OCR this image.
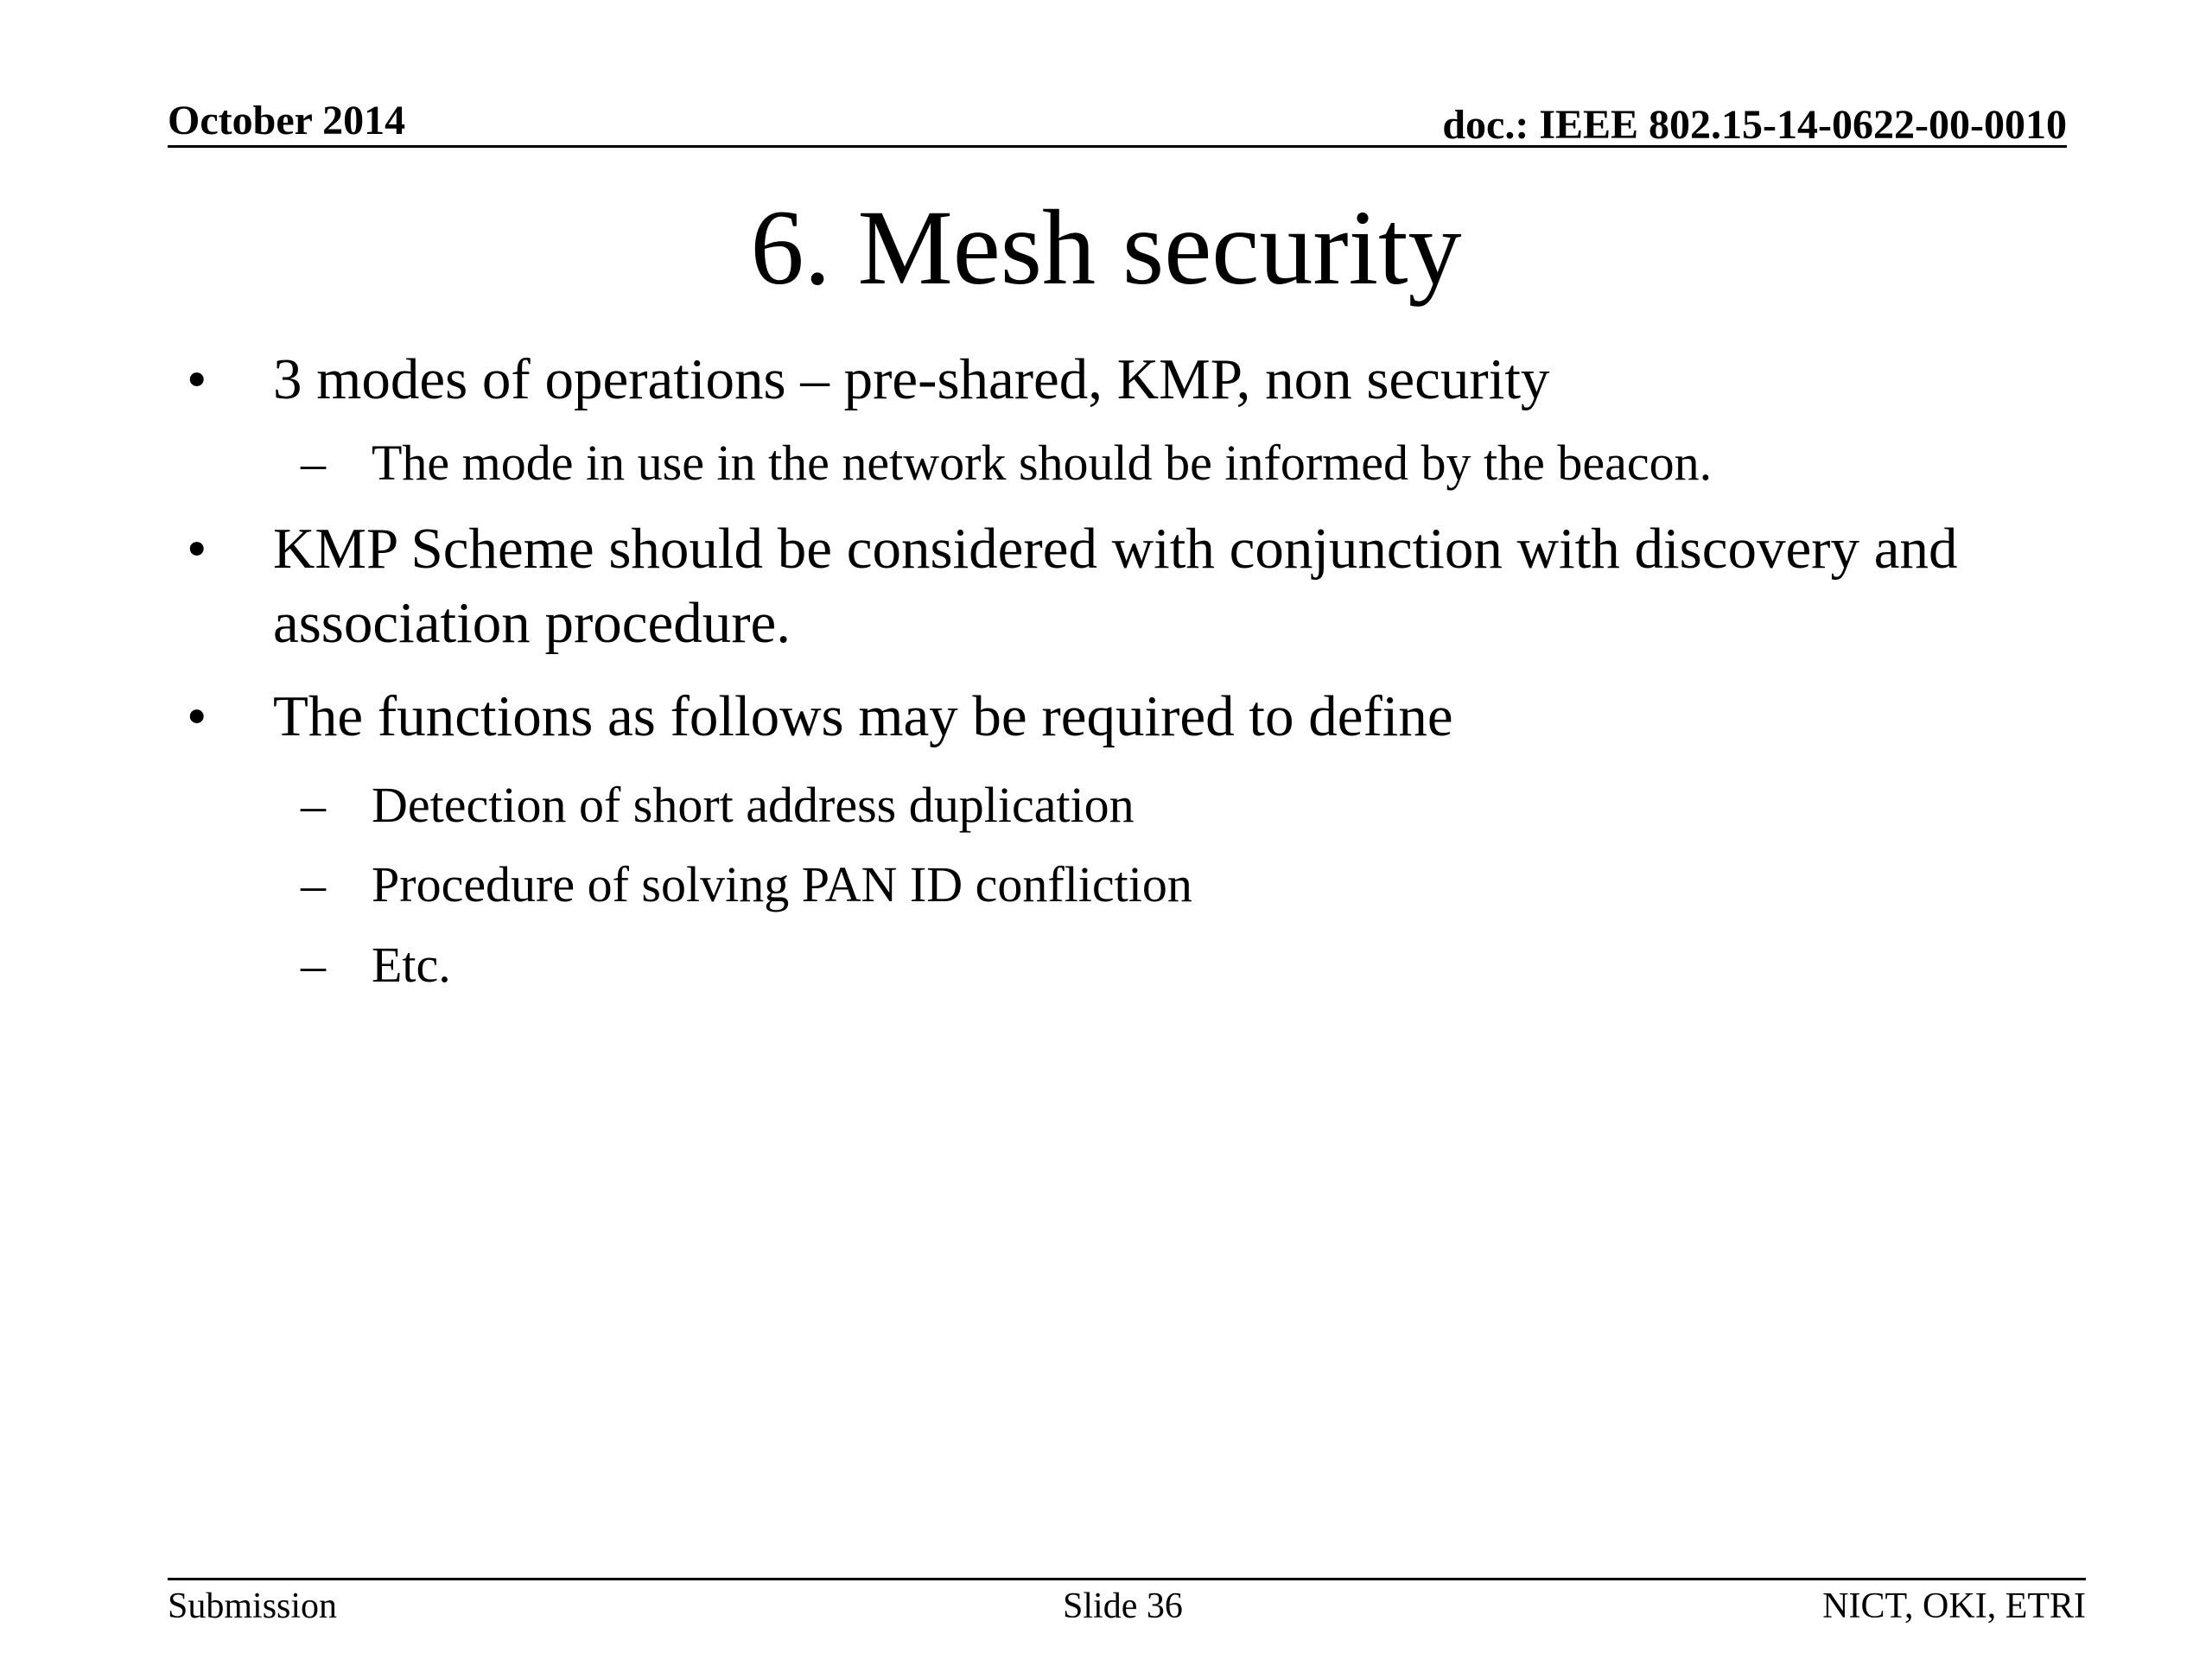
October 2014	doc.: IEEE 802.15-14-0622-00-0010
6. Mesh security
•	3 modes of operations – pre-shared, KMP, non security
– The mode in use in the network should be informed by the beacon.
•	KMP Scheme should be considered with conjunction with discovery and association procedure.
•	The functions as follows may be required to define
– Detection of short address duplication
– Procedure of solving PAN ID confliction
– Etc.
Submission	Slide 36	NICT, OKI, ETRI
